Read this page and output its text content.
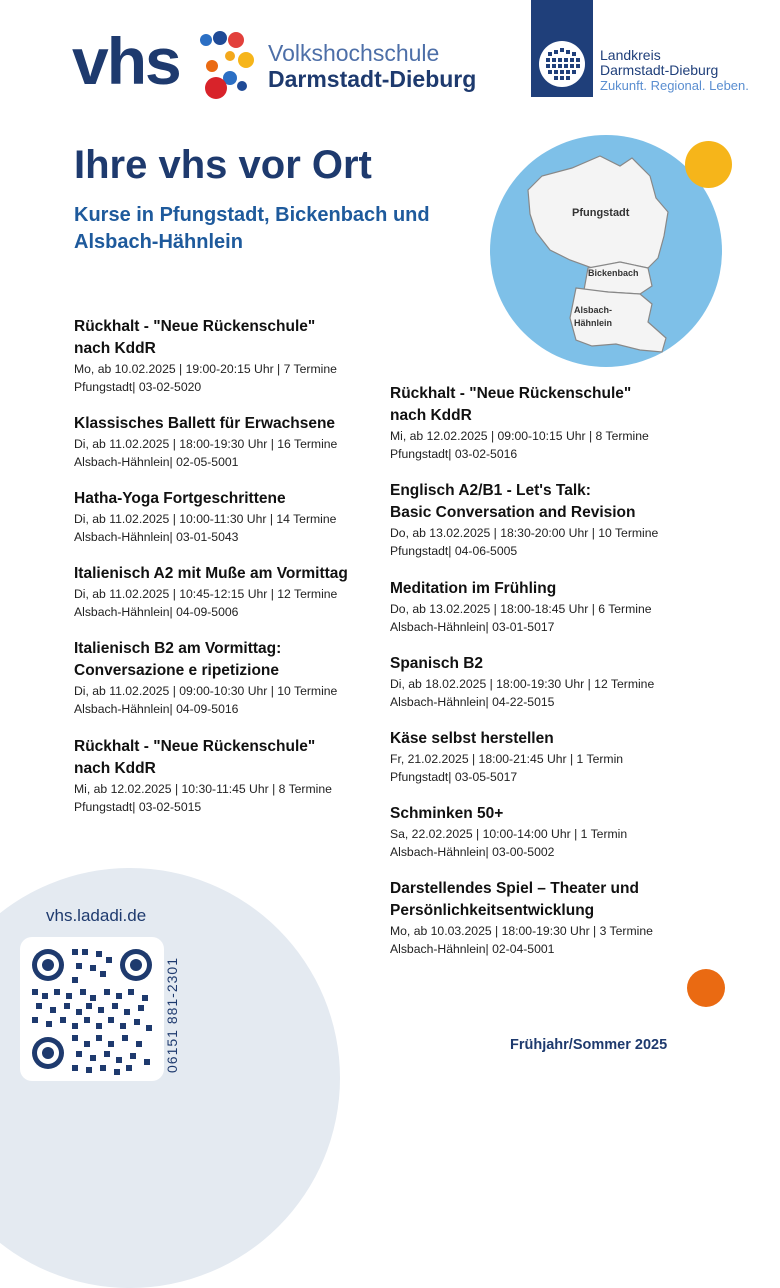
vhs	Volkshochschule
Darmstadt-Dieburg
Landkreis
Darmstadt-Dieburg
Zukunft. Regional. Leben.
Ihre vhs vor Ort
Kurse in Pfungstadt, Bickenbach und Alsbach-Hähnlein
Pfungstadt
Bickenbach
Alsbach-
Hähnlein
Rückhalt - "Neue Rückenschule"
nach KddR
Mo, ab 10.02.2025 | 19:00-20:15 Uhr | 7 Termine
Pfungstadt| 03-02-5020
Klassisches Ballett für Erwachsene
Di, ab 11.02.2025 | 18:00-19:30 Uhr | 16 Termine
Alsbach-Hähnlein| 02-05-5001
Hatha-Yoga Fortgeschrittene
Di, ab 11.02.2025 | 10:00-11:30 Uhr | 14 Termine
Alsbach-Hähnlein| 03-01-5043
Italienisch A2 mit Muße am Vormittag
Di, ab 11.02.2025 | 10:45-12:15 Uhr | 12 Termine
Alsbach-Hähnlein| 04-09-5006
Italienisch B2 am Vormittag:
Conversazione e ripetizione
Di, ab 11.02.2025 | 09:00-10:30 Uhr | 10 Termine
Alsbach-Hähnlein| 04-09-5016
Rückhalt - "Neue Rückenschule"
nach KddR
Mi, ab 12.02.2025 | 10:30-11:45 Uhr | 8 Termine
Pfungstadt| 03-02-5015
Rückhalt - "Neue Rückenschule"
nach KddR
Mi, ab 12.02.2025 | 09:00-10:15 Uhr | 8 Termine
Pfungstadt| 03-02-5016
Englisch A2/B1 - Let's Talk:
Basic Conversation and Revision
Do, ab 13.02.2025 | 18:30-20:00 Uhr | 10 Termine
Pfungstadt| 04-06-5005
Meditation im Frühling
Do, ab 13.02.2025 | 18:00-18:45 Uhr | 6 Termine
Alsbach-Hähnlein| 03-01-5017
Spanisch B2
Di, ab 18.02.2025 | 18:00-19:30 Uhr | 12 Termine
Alsbach-Hähnlein| 04-22-5015
Käse selbst herstellen
Fr, 21.02.2025 | 18:00-21:45 Uhr | 1 Termin
Pfungstadt| 03-05-5017
Schminken 50+
Sa, 22.02.2025 | 10:00-14:00 Uhr | 1 Termin
Alsbach-Hähnlein| 03-00-5002
Darstellendes Spiel – Theater und
Persönlichkeitsentwicklung
Mo, ab 10.03.2025 | 18:00-19:30 Uhr | 3 Termine
Alsbach-Hähnlein| 02-04-5001
vhs.ladadi.de
06151 881-2301	Frühjahr/Sommer 2025
